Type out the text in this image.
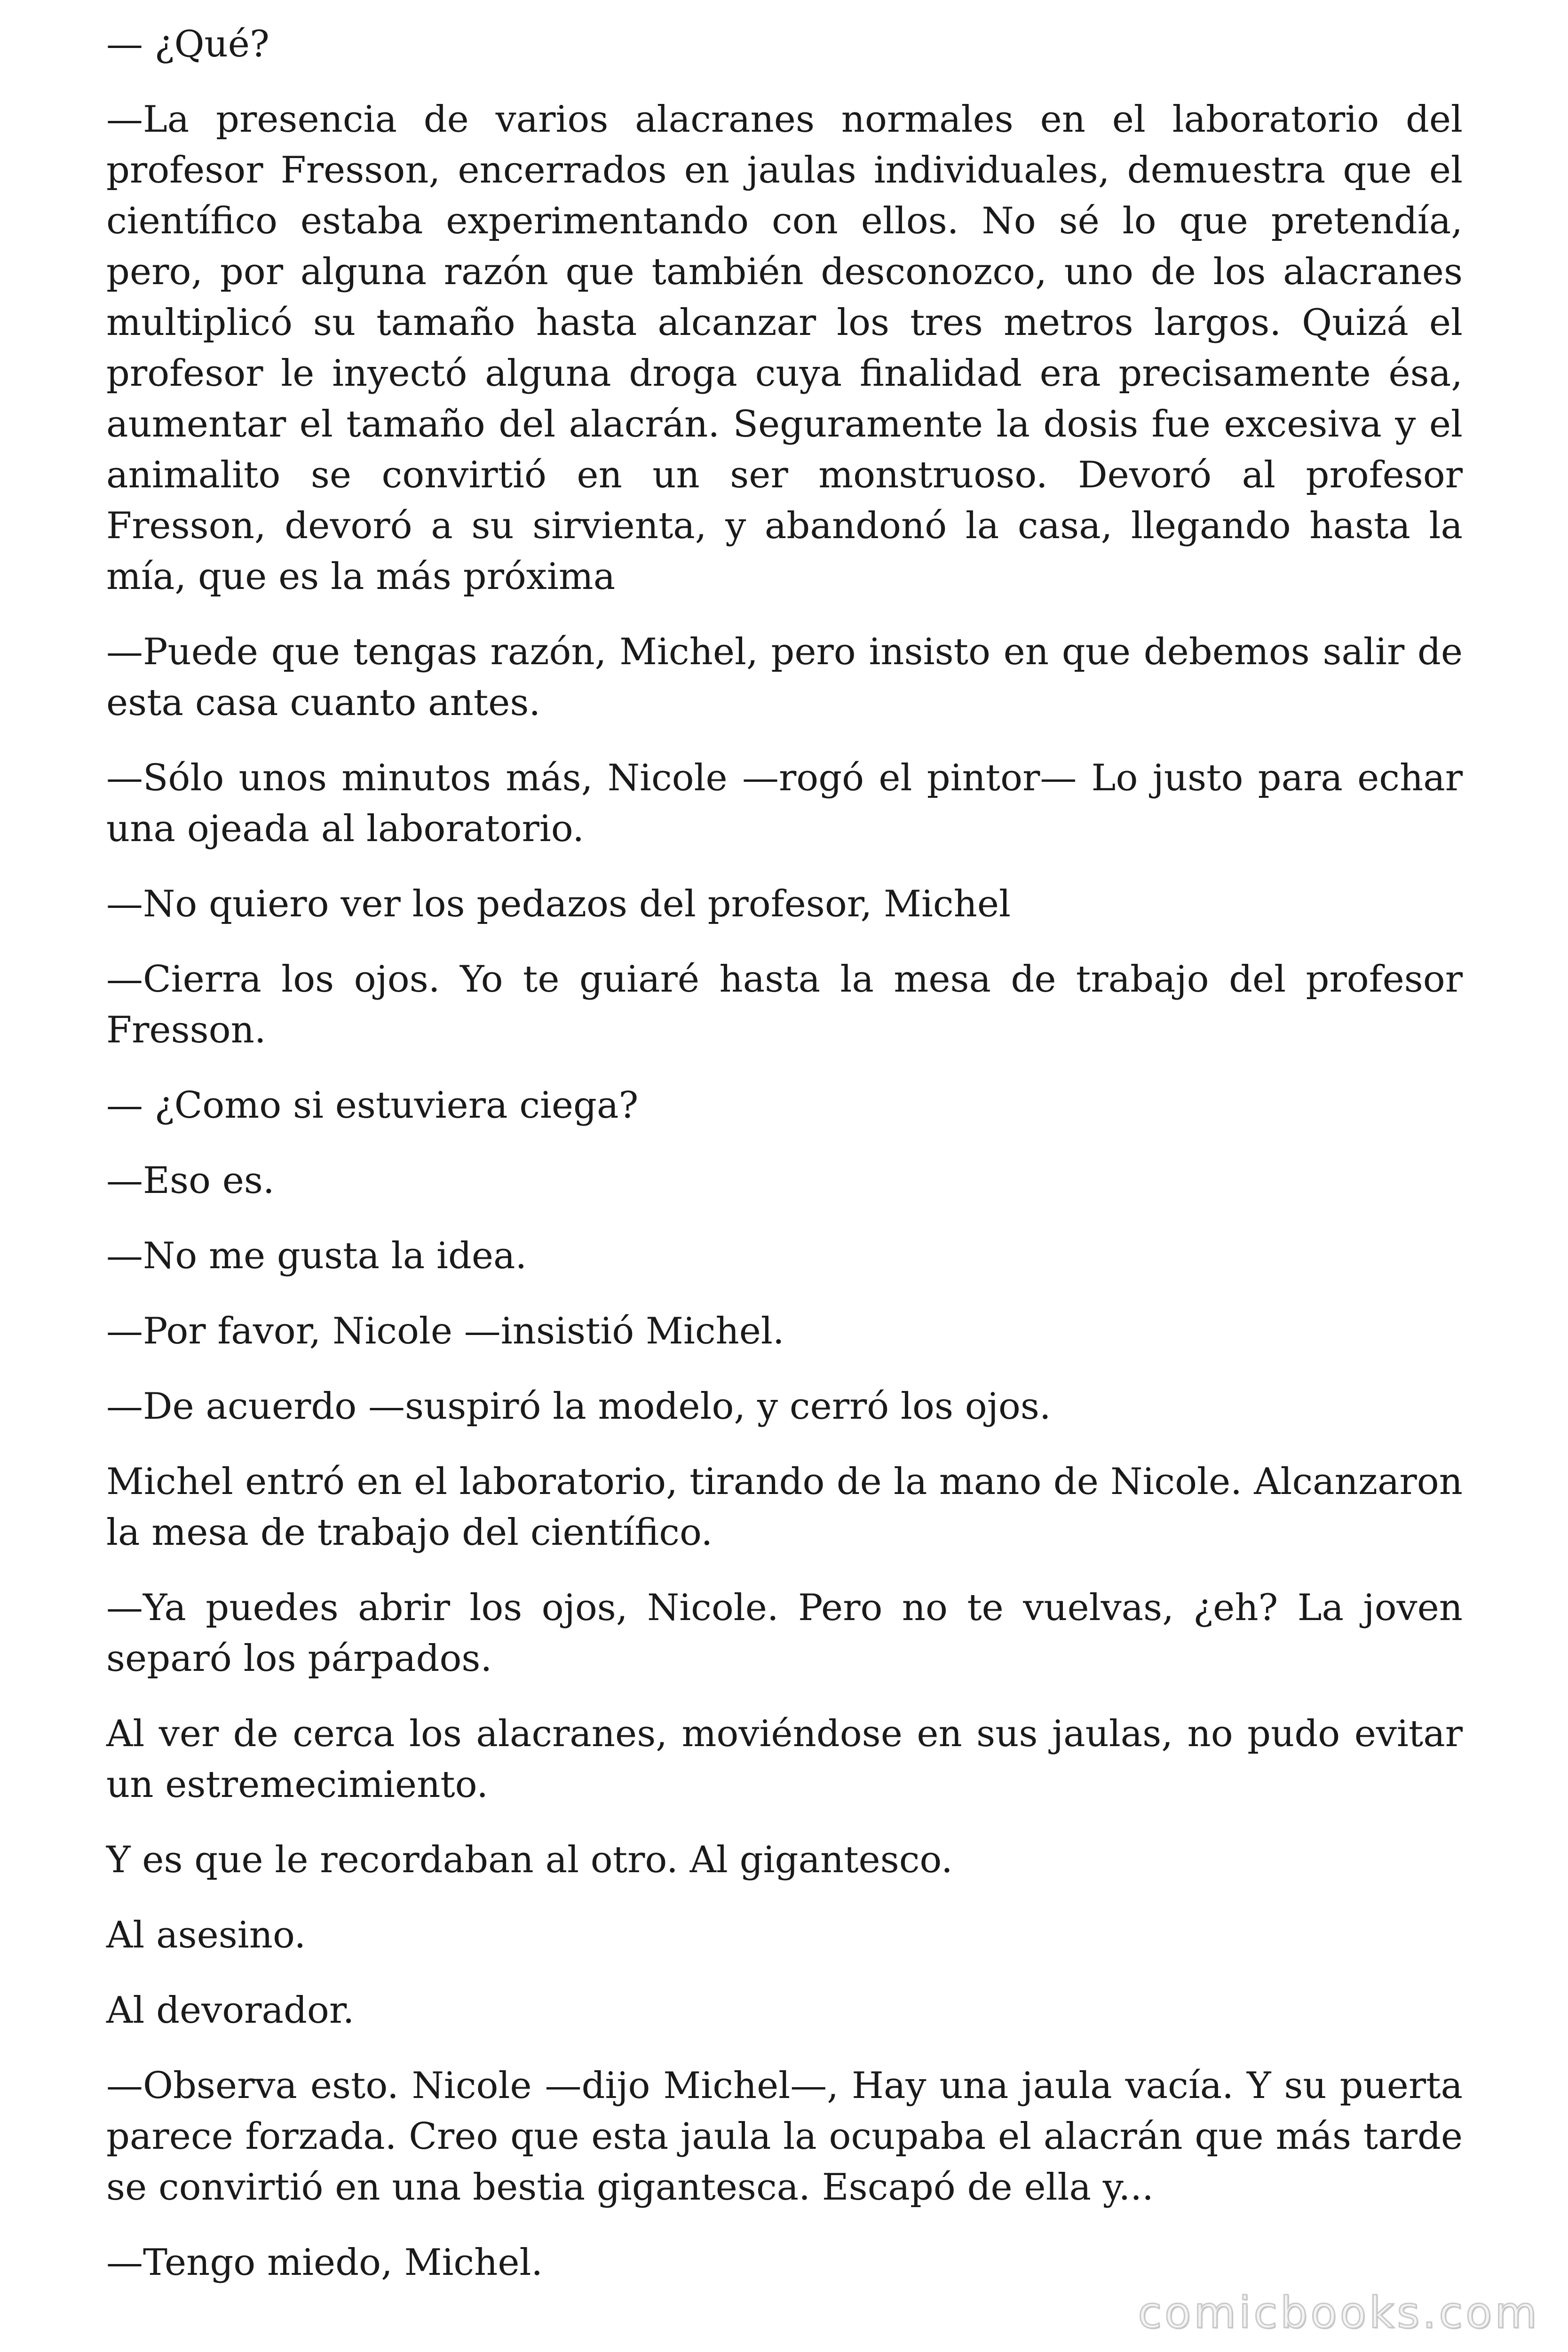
— ¿Qué?

—La presencia de varios alacranes normales en el laboratorio del profesor Fresson, encerrados en jaulas individuales, demuestra que el científico estaba experimentando con ellos. No sé lo que pretendía, pero, por alguna razón que también desconozco, uno de los alacranes multiplicó su tamaño hasta alcanzar los tres metros largos. Quizá el profesor le inyectó alguna droga cuya finalidad era precisamente ésa, aumentar el tamaño del alacrán. Seguramente la dosis fue excesiva y el animalito se convirtió en un ser monstruoso. Devoró al profesor Fresson, devoró a su sirvienta, y abandonó la casa, llegando hasta la mía, que es la más próxima

—Puede que tengas razón, Michel, pero insisto en que debemos salir de esta casa cuanto antes.

—Sólo unos minutos más, Nicole —rogó el pintor— Lo justo para echar una ojeada al laboratorio.

—No quiero ver los pedazos del profesor, Michel

—Cierra los ojos. Yo te guiaré hasta la mesa de trabajo del profesor Fresson.

— ¿Como si estuviera ciega?

—Eso es.

—No me gusta la idea.

—Por favor, Nicole —insistió Michel.

—De acuerdo —suspiró la modelo, y cerró los ojos.

Michel entró en el laboratorio, tirando de la mano de Nicole. Alcanzaron la mesa de trabajo del científico.

—Ya puedes abrir los ojos, Nicole. Pero no te vuelvas, ¿eh? La joven separó los párpados.

Al ver de cerca los alacranes, moviéndose en sus jaulas, no pudo evitar un estremecimiento.

Y es que le recordaban al otro. Al gigantesco.

Al asesino.

Al devorador.

—Observa esto. Nicole —dijo Michel—, Hay una jaula vacía. Y su puerta parece forzada. Creo que esta jaula la ocupaba el alacrán que más tarde se convirtió en una bestia gigantesca. Escapó de ella y...

—Tengo miedo, Michel.

comicbooks.com
